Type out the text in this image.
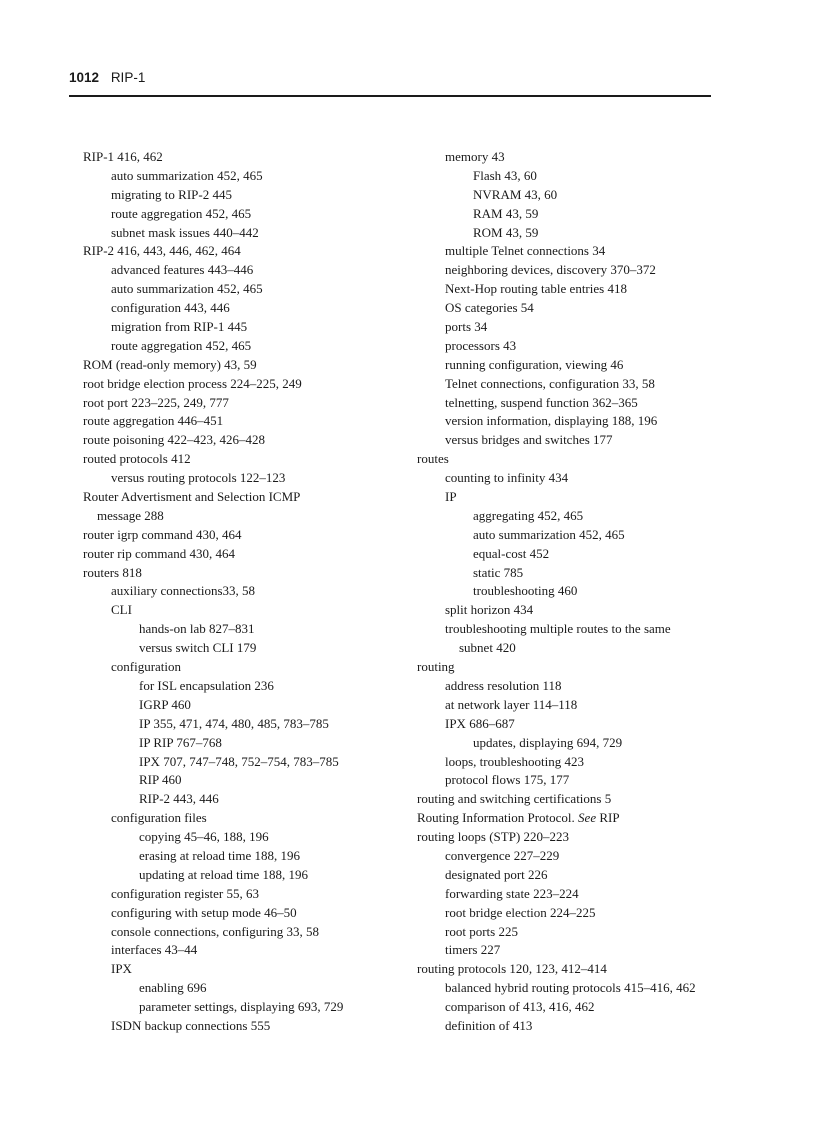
1012 RIP-1
RIP-1 416, 462
auto summarization 452, 465
migrating to RIP-2 445
route aggregation 452, 465
subnet mask issues 440–442
RIP-2 416, 443, 446, 462, 464
advanced features 443–446
auto summarization 452, 465
configuration 443, 446
migration from RIP-1 445
route aggregation 452, 465
ROM (read-only memory) 43, 59
root bridge election process 224–225, 249
root port 223–225, 249, 777
route aggregation 446–451
route poisoning 422–423, 426–428
routed protocols 412
versus routing protocols 122–123
Router Advertisment and Selection ICMP
message 288
router igrp command 430, 464
router rip command 430, 464
routers 818
auxiliary connections33, 58
CLI
hands-on lab 827–831
versus switch CLI 179
configuration
for ISL encapsulation 236
IGRP 460
IP 355, 471, 474, 480, 485, 783–785
IP RIP 767–768
IPX 707, 747–748, 752–754, 783–785
RIP 460
RIP-2 443, 446
configuration files
copying 45–46, 188, 196
erasing at reload time 188, 196
updating at reload time 188, 196
configuration register 55, 63
configuring with setup mode 46–50
console connections, configuring 33, 58
interfaces 43–44
IPX
enabling 696
parameter settings, displaying 693, 729
ISDN backup connections 555
memory 43
Flash 43, 60
NVRAM 43, 60
RAM 43, 59
ROM 43, 59
multiple Telnet connections 34
neighboring devices, discovery 370–372
Next-Hop routing table entries 418
OS categories 54
ports 34
processors 43
running configuration, viewing 46
Telnet connections, configuration 33, 58
telnetting, suspend function 362–365
version information, displaying 188, 196
versus bridges and switches 177
routes
counting to infinity 434
IP
aggregating 452, 465
auto summarization 452, 465
equal-cost 452
static 785
troubleshooting 460
split horizon 434
troubleshooting multiple routes to the same
subnet 420
routing
address resolution 118
at network layer 114–118
IPX 686–687
updates, displaying 694, 729
loops, troubleshooting 423
protocol flows 175, 177
routing and switching certifications 5
Routing Information Protocol. See RIP
routing loops (STP) 220–223
convergence 227–229
designated port 226
forwarding state 223–224
root bridge election 224–225
root ports 225
timers 227
routing protocols 120, 123, 412–414
balanced hybrid routing protocols 415–416, 462
comparison of 413, 416, 462
definition of 413
